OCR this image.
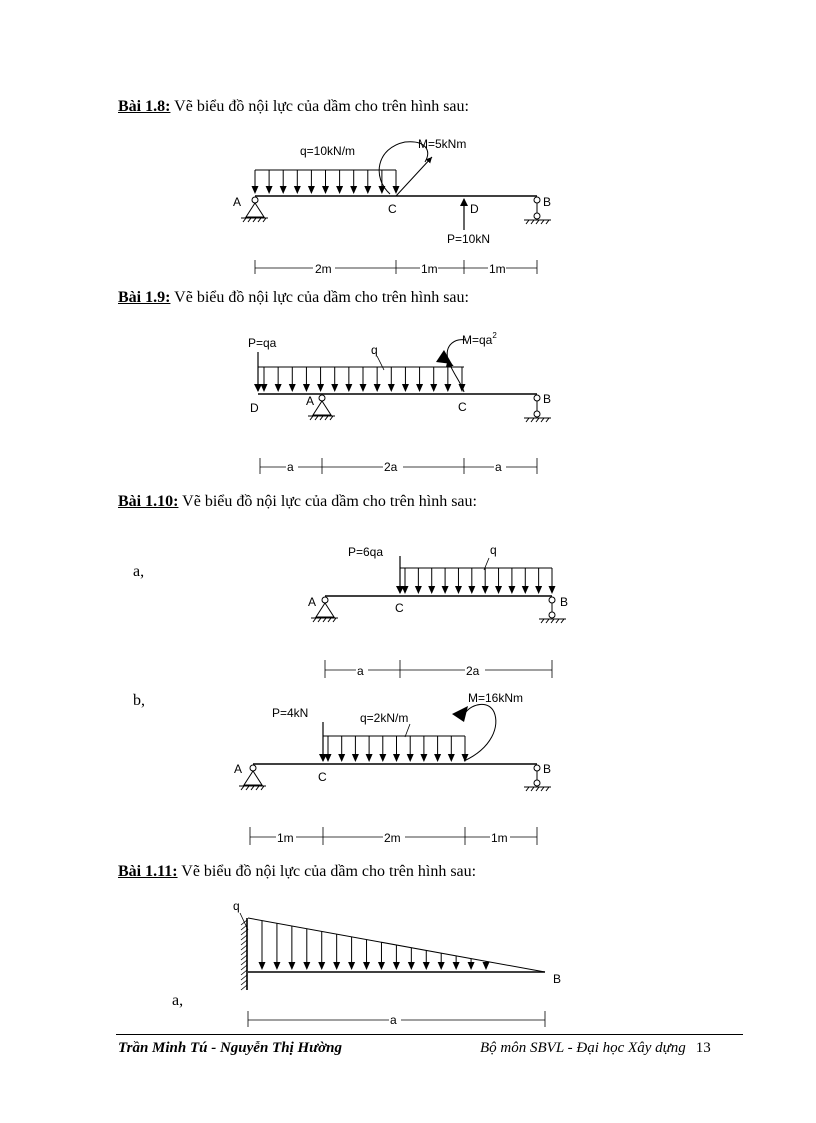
Bài 1.8: Vẽ biểu đồ nội lực của dầm cho trên hình sau:
q=10kN/m	M=5kNm
P=10kN
A	C	D	B
2m	1m	1m
Bài 1.9: Vẽ biểu đồ nội lực của dầm cho trên hình sau:
P=qa	q
$M=qa^2$
D	A	C
B
a	2a	a
Bài 1.10: Vẽ biểu đồ nội lực của dầm cho trên hình sau:
a,
P=6qa	q
A	C	B
a	2a
b,
P=4kN	q=2kN/m
M=16kNm
A
C
B
1m	2m	1m
Bài 1.11: Vẽ biểu đồ nội lực của dầm cho trên hình sau:
a,
q
B
a
Trần Minh Tú - Nguyễn Thị Hường	Bộ môn SBVL - Đại học Xây dựng 13
